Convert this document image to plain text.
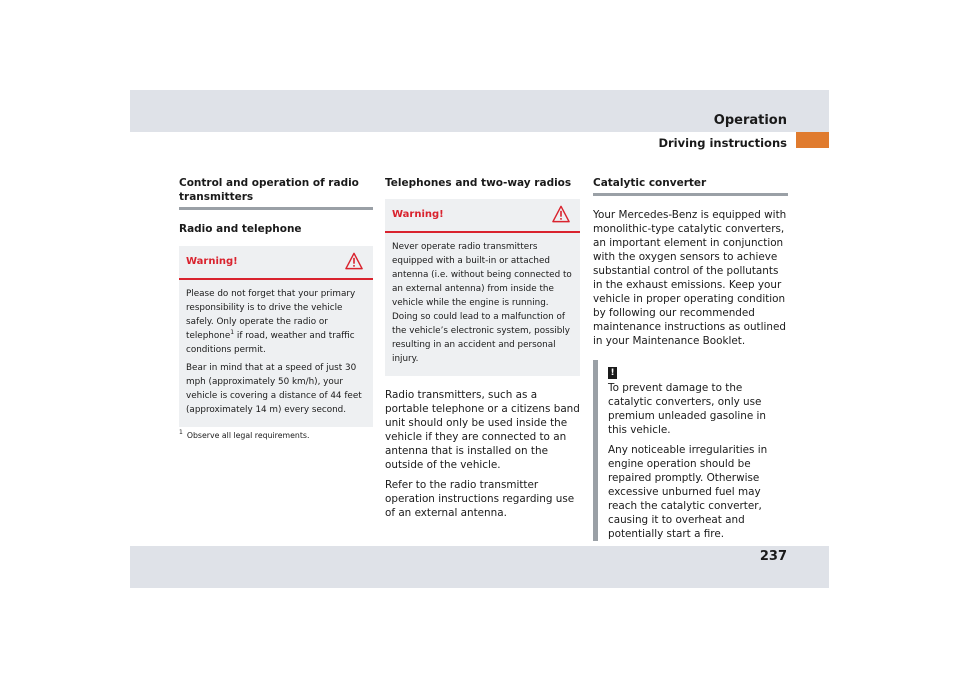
Operation
Driving instructions
Control and operation of radio transmitters
Radio and telephone
Warning!

Please do not forget that your primary responsibility is to drive the vehicle safely. Only operate the radio or telephone$^1$ if road, weather and traffic conditions permit.

Bear in mind that at a speed of just 30 mph (approximately 50 km/h), your vehicle is covering a distance of 44 feet (approximately 14 m) every second.

$^1$ Observe all legal requirements.
Telephones and two-way radios
Warning!

Never operate radio transmitters equipped with a built-in or attached antenna (i.e. without being connected to an external antenna) from inside the vehicle while the engine is running. Doing so could lead to a malfunction of the vehicle’s electronic system, possibly resulting in an accident and personal injury.

Radio transmitters, such as a portable telephone or a citizens band unit should only be used inside the vehicle if they are connected to an antenna that is installed on the outside of the vehicle.

Refer to the radio transmitter operation instructions regarding use of an external antenna.

Catalytic converter

Your Mercedes-Benz is equipped with monolithic-type catalytic converters, an important element in conjunction with the oxygen sensors to achieve substantial control of the pollutants in the exhaust emissions. Keep your vehicle in proper operating condition by following our recommended maintenance instructions as outlined in your Maintenance Booklet.

!

To prevent damage to the catalytic converters, only use premium unleaded gasoline in this vehicle.

Any noticeable irregularities in engine operation should be repaired promptly. Otherwise excessive unburned fuel may reach the catalytic converter, causing it to overheat and potentially start a fire.

237
